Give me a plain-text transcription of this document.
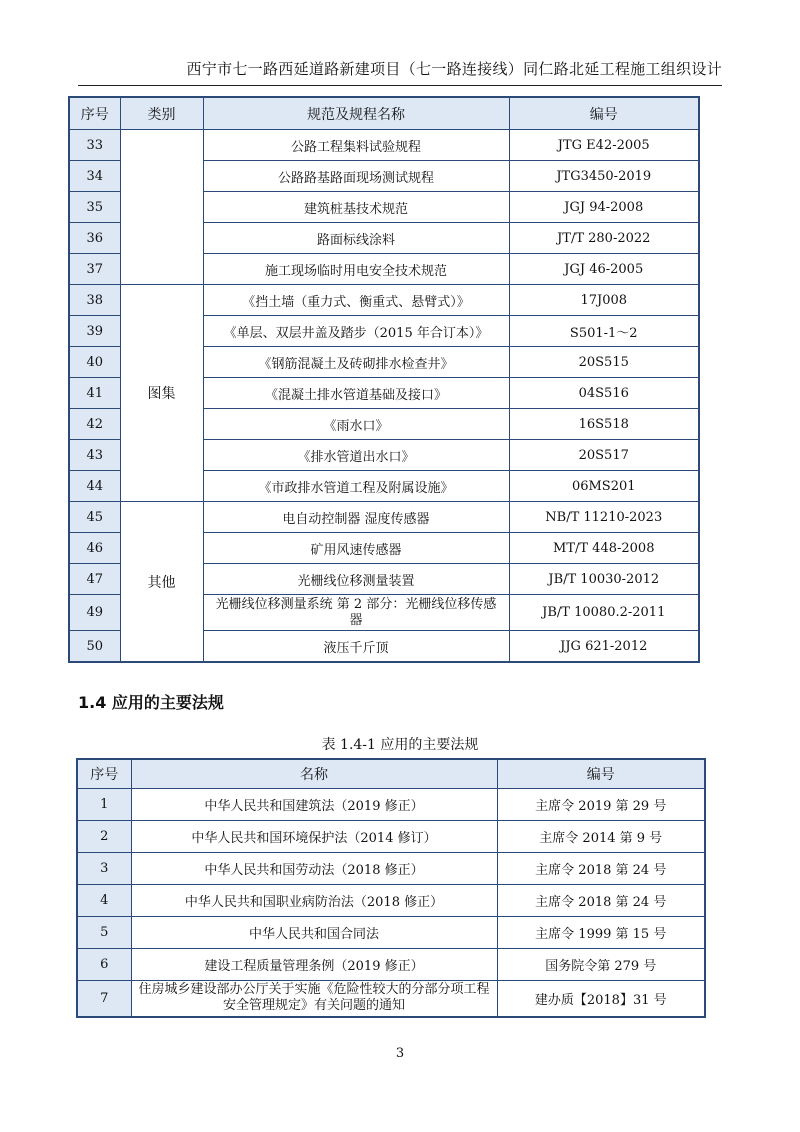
西宁市七一路西延道路新建项目（七一路连接线）同仁路北延工程施工组织设计
序号	类别	规范及规程名称	编号
33		公路工程集料试验规程	JTG E42-2005
34		公路路基路面现场测试规程	JTG3450-2019
35		建筑桩基技术规范	JGJ 94-2008
36		路面标线涂料	JT/T 280-2022
37		施工现场临时用电安全技术规范	JGJ 46-2005
38	图集	《挡土墙（重力式、衡重式、悬臂式）》	17J008
39		《单层、双层井盖及踏步（2015 年合订本）》	S501-1～2
40		《钢筋混凝土及砖砌排水检查井》	20S515
41		《混凝土排水管道基础及接口》	04S516
42		《雨水口》	16S518
43		《排水管道出水口》	20S517
44		《市政排水管道工程及附属设施》	06MS201
45	其他	电自动控制器 湿度传感器	NB/T 11210-2023
46		矿用风速传感器	MT/T 448-2008
47		光栅线位移测量装置	JB/T 10030-2012
49		光栅线位移测量系统 第 2 部分：光栅线位移传感器	JB/T 10080.2-2011
50		液压千斤顶	JJG 621-2012
1.4 应用的主要法规
表 1.4-1 应用的主要法规
序号	名称	编号
1	中华人民共和国建筑法（2019 修正）	主席令 2019 第 29 号
2	中华人民共和国环境保护法（2014 修订）	主席令 2014 第 9 号
3	中华人民共和国劳动法（2018 修正）	主席令 2018 第 24 号
4	中华人民共和国职业病防治法（2018 修正）	主席令 2018 第 24 号
5	中华人民共和国合同法	主席令 1999 第 15 号
6	建设工程质量管理条例（2019 修正）	国务院令第 279 号
7	住房城乡建设部办公厅关于实施《危险性较大的分部分项工程安全管理规定》有关问题的通知	建办质【2018】31 号
3
